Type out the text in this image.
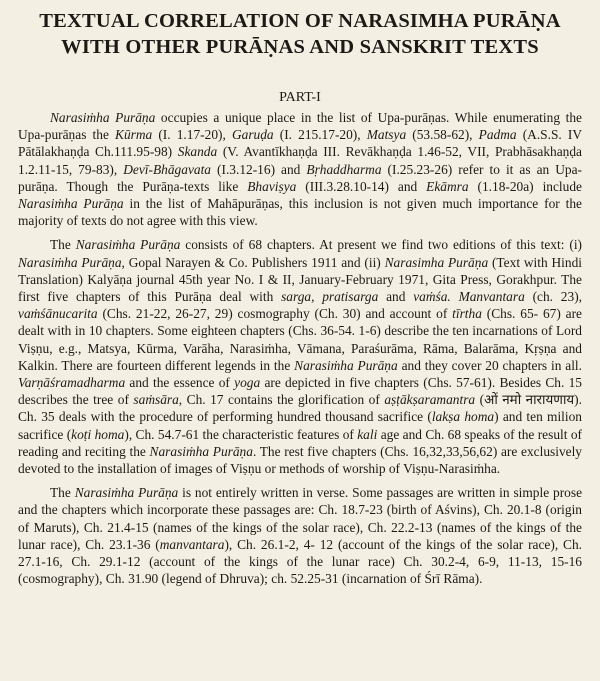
TEXTUAL CORRELATION OF NARASIMHA PURĀṆA
WITH OTHER PURĀṆAS AND SANSKRIT TEXTS
PART-I

Narasiṁha Purāṇa occupies a unique place in the list of Upa-purāṇas. While enumerating the Upa-purāṇas the Kūrma (I. 1.17-20), Garuḍa (I. 215.17-20), Matsya (53.58-62), Padma (A.S.S. IV Pātālakhaṇḍa Ch.111.95-98) Skanda (V. Avantīkhaṇḍa III. Revākhaṇḍa 1.46-52, VII, Prabhāsakhaṇḍa 1.2.11-15, 79-83), Devī-Bhāgavata (I.3.12-16) and Bṛhaddharma (I.25.23-26) refer to it as an Upa- purāṇa. Though the Purāṇa-texts like Bhaviṣya (III.3.28.10-14) and Ekāmra (1.18-20a) include Narasiṁha Purāṇa in the list of Mahāpurāṇas, this inclusion is not given much importance for the majority of texts do not agree with this view.

The Narasiṁha Purāṇa consists of 68 chapters. At present we find two editions of this text: (i) Narasiṁha Purāṇa, Gopal Narayen & Co. Publishers 1911 and (ii) Narasimha Purāṇa (Text with Hindi Translation) Kalyāṇa journal 45th year No. I & II, January-February 1971, Gita Press, Gorakhpur. The first five chapters of this Purāṇa deal with sarga, pratisarga and vaṁśa. Manvantara (ch. 23), vaṁśānucarita (Chs. 21-22, 26-27, 29) cosmography (Ch. 30) and account of tīrtha (Chs. 65- 67) are dealt with in 10 chapters. Some eighteen chapters (Chs. 36-54. 1-6) describe the ten incarnations of Lord Viṣṇu, e.g., Matsya, Kūrma, Varāha, Narasiṁha, Vāmana, Paraśurāma, Rāma, Balarāma, Kṛṣṇa and Kalkin. There are fourteen different legends in the Narasiṁha Purāṇa and they cover 20 chapters in all. Varṇāśramadharma and the essence of yoga are depicted in five chapters (Chs. 57-61). Besides Ch. 15 describes the tree of saṁsāra, Ch. 17 contains the glorification of aṣṭākṣaramantra (ओं नमो नारायणाय). Ch. 35 deals with the procedure of performing hundred thousand sacrifice (lakṣa homa) and ten milion sacrifice (koṭi homa), Ch. 54.7-61 the characteristic features of kali age and Ch. 68 speaks of the result of reading and reciting the Narasiṁha Purāṇa. The rest five chapters (Chs. 16,32,33,56,62) are exclusively devoted to the installation of images of Viṣṇu or methods of worship of Viṣṇu-Narasiṁha.

The Narasiṁha Purāṇa is not entirely written in verse. Some passages are written in simple prose and the chapters which incorporate these passages are: Ch. 18.7-23 (birth of Aśvins), Ch. 20.1-8 (origin of Maruts), Ch. 21.4-15 (names of the kings of the solar race), Ch. 22.2-13 (names of the kings of the lunar race), Ch. 23.1-36 (manvantara), Ch. 26.1-2, 4- 12 (account of the kings of the solar race), Ch. 27.1-16, Ch. 29.1-12 (account of the kings of the lunar race) Ch. 30.2-4, 6-9, 11-13, 15-16 (cosmography), Ch. 31.90 (legend of Dhruva); ch. 52.25-31 (incarnation of Śrī Rāma).
